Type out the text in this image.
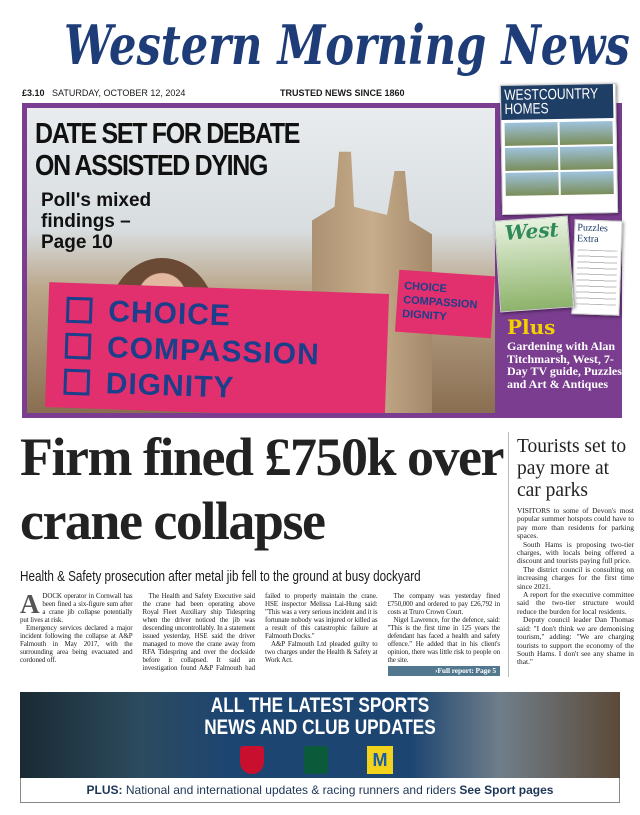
Western Morning News
£3.10 SATURDAY, OCTOBER 12, 2024	TRUSTED NEWS SINCE 1860
CHOICE
COMPASSION
DIGNITY
CHOICE
COMPASSION
DIGNITY
DATE SET FOR DEBATE ON ASSISTED DYING
Poll's mixed findings – Page 10
WESTCOUNTRY HOMES
Puzzles Extra
West
Plus
Gardening with Alan Titchmarsh, West, 7-Day TV guide, Puzzles and Art & Antiques
Firm fined £750k over crane collapse
Health & Safety prosecution after metal jib fell to the ground at busy dockyard

ADOCK operator in Cornwall has been fined a six-figure sum after a crane jib collapse potentially put lives at risk.

Emergency services declared a major incident following the collapse at A&P Falmouth in May 2017, with the surrounding area being evacuated and cordoned off.

The Health and Safety Executive said the crane had been operating above Royal Fleet Auxiliary ship Tidespring when the driver noticed the jib was descending uncontrollably. In a statement issued yesterday, HSE said the driver managed to move the crane away from RFA Tidespring and over the dockside before it collapsed. It said an investigation found A&P Falmouth had failed to properly maintain the crane. HSE inspector Melissa Lai-Hung said: "This was a very serious incident and it is fortunate nobody was injured or killed as a result of this catastrophic failure at Falmouth Docks."

A&P Falmouth Ltd pleaded guilty to two charges under the Health & Safety at Work Act.

The company was yesterday fined £750,000 and ordered to pay £26,792 in costs at Truro Crown Court.

Nigel Lawrence, for the defence, said: "This is the first time in 125 years the defendant has faced a health and safety offence." He added that in his client's opinion, there was little risk to people on the site.

›Full report: Page 5
Tourists set to pay more at car parks

VISITORS to some of Devon's most popular summer hotspots could have to pay more than residents for parking spaces.

South Hams is proposing two-tier charges, with locals being offered a discount and tourists paying full price.

The district council is consulting on increasing charges for the first time since 2021.

A report for the executive committee said the two-tier structure would reduce the burden for local residents.

Deputy council leader Dan Thomas said: "I don't think we are demonising tourism," adding: "We are charging tourists to support the economy of the South Hams. I don't see any shame in that."

ALL THE LATEST SPORTS NEWS AND CLUB UPDATES
M
PLUS: National and international updates & racing runners and riders See Sport pages
